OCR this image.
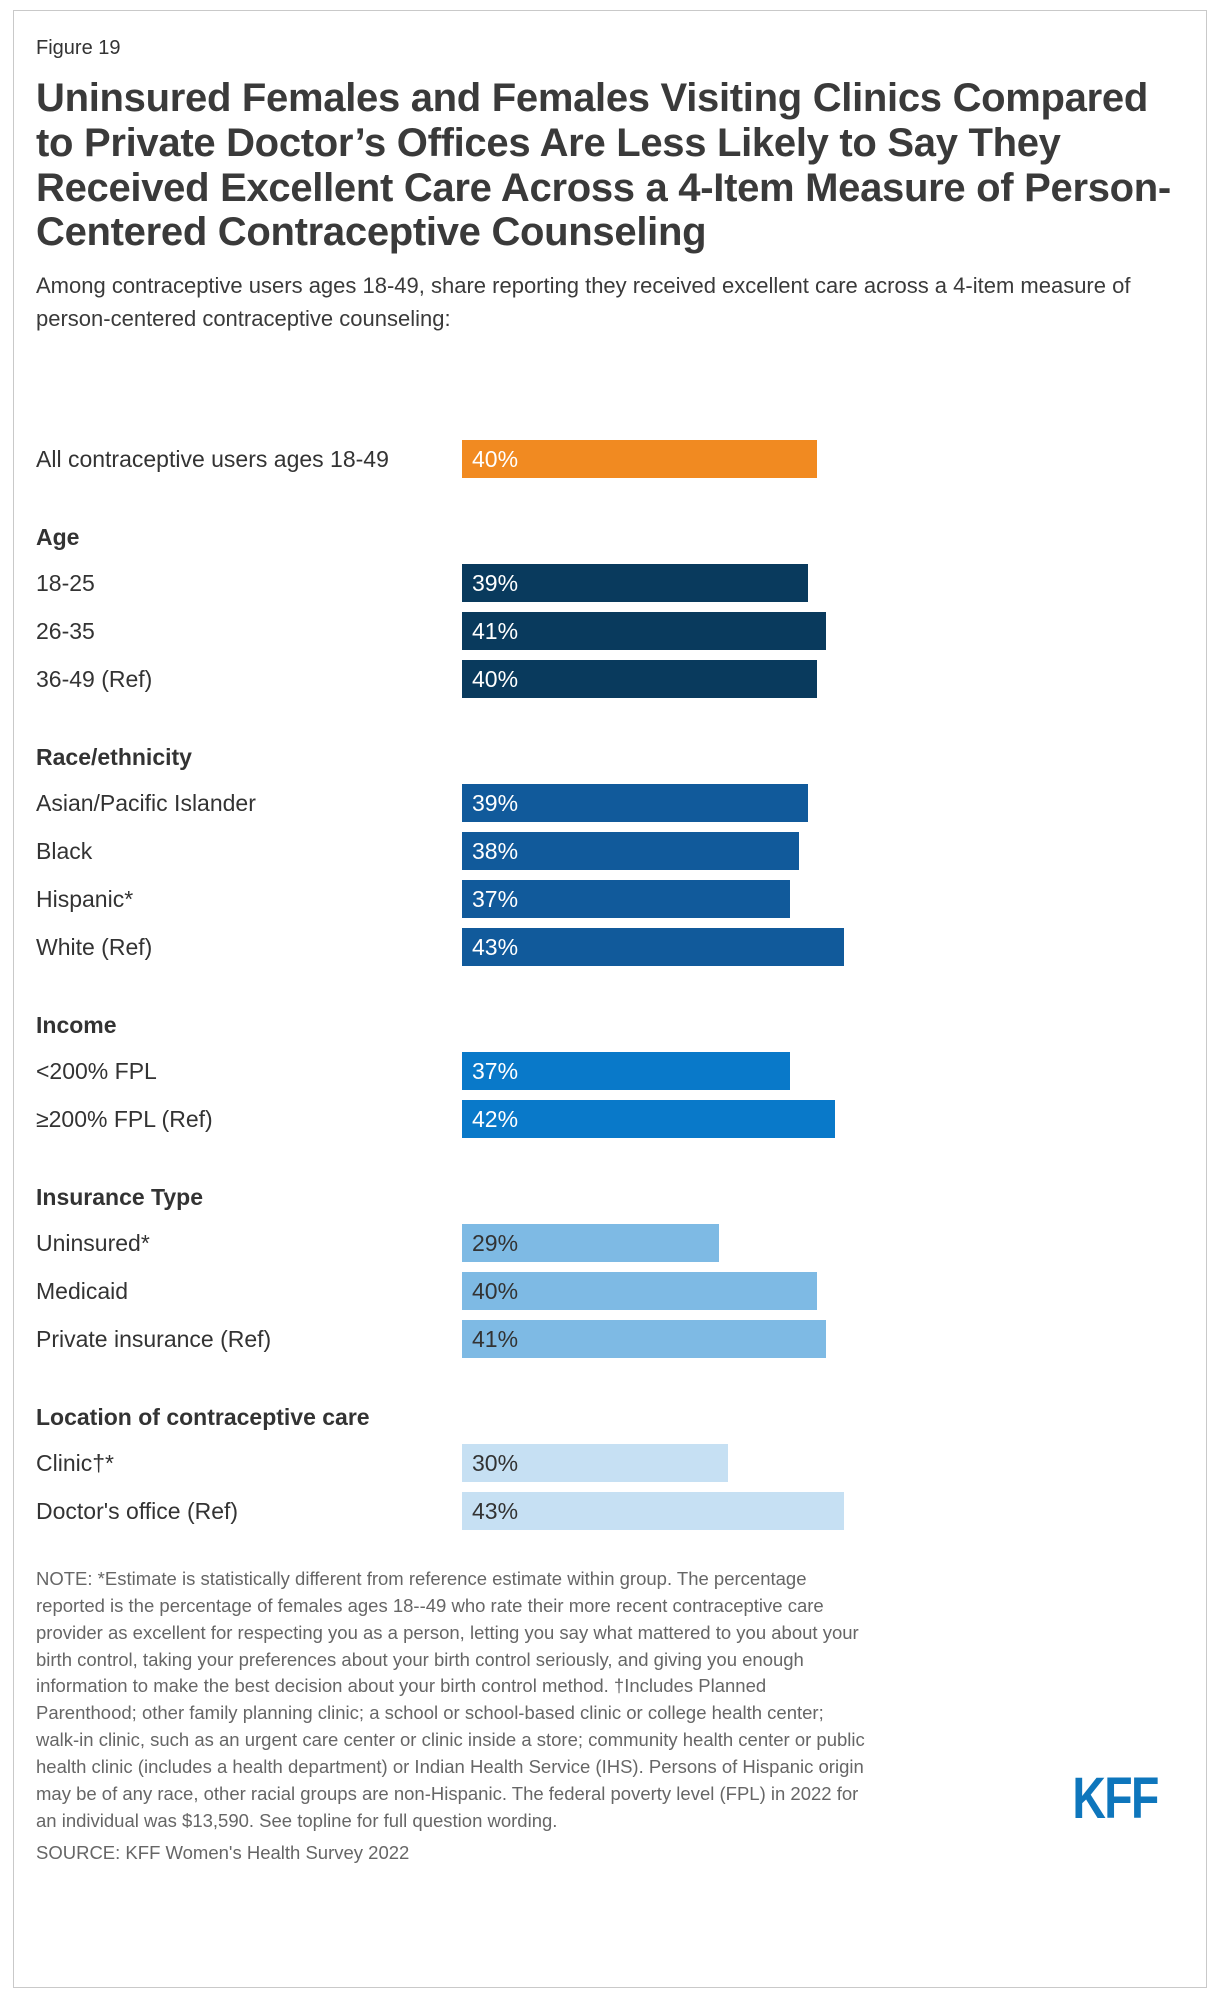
Figure 19
Uninsured Females and Females Visiting Clinics Compared to Private Doctor’s Offices Are Less Likely to Say They Received Excellent Care Across a 4-Item Measure of Person-Centered Contraceptive Counseling
Among contraceptive users ages 18-49, share reporting they received excellent care across a 4-item measure of person-centered contraceptive counseling:
All contraceptive users ages 18-49	40%
Age
18-25	39%
26-35	41%
36-49 (Ref)	40%
Race/ethnicity
Asian/Pacific Islander	39%
Black	38%
Hispanic*	37%
White (Ref)	43%
Income
<200% FPL	37%
≥200% FPL (Ref)	42%
Insurance Type
Uninsured*	29%
Medicaid	40%
Private insurance (Ref)	41%
Location of contraceptive care
Clinic†*	30%
Doctor's office (Ref)	43%
NOTE: *Estimate is statistically different from reference estimate within group. The percentage reported is the percentage of females ages 18--49 who rate their more recent contraceptive care provider as excellent for respecting you as a person, letting you say what mattered to you about your birth control, taking your preferences about your birth control seriously, and giving you enough information to make the best decision about your birth control method. †Includes Planned Parenthood; other family planning clinic; a school or school-based clinic or college health center; walk-in clinic, such as an urgent care center or clinic inside a store; community health center or public health clinic (includes a health department) or Indian Health Service (IHS). Persons of Hispanic origin may be of any race, other racial groups are non-Hispanic. The federal poverty level (FPL) in 2022 for an individual was $13,590. See topline for full question wording.
SOURCE: KFF Women's Health Survey 2022
KFF
